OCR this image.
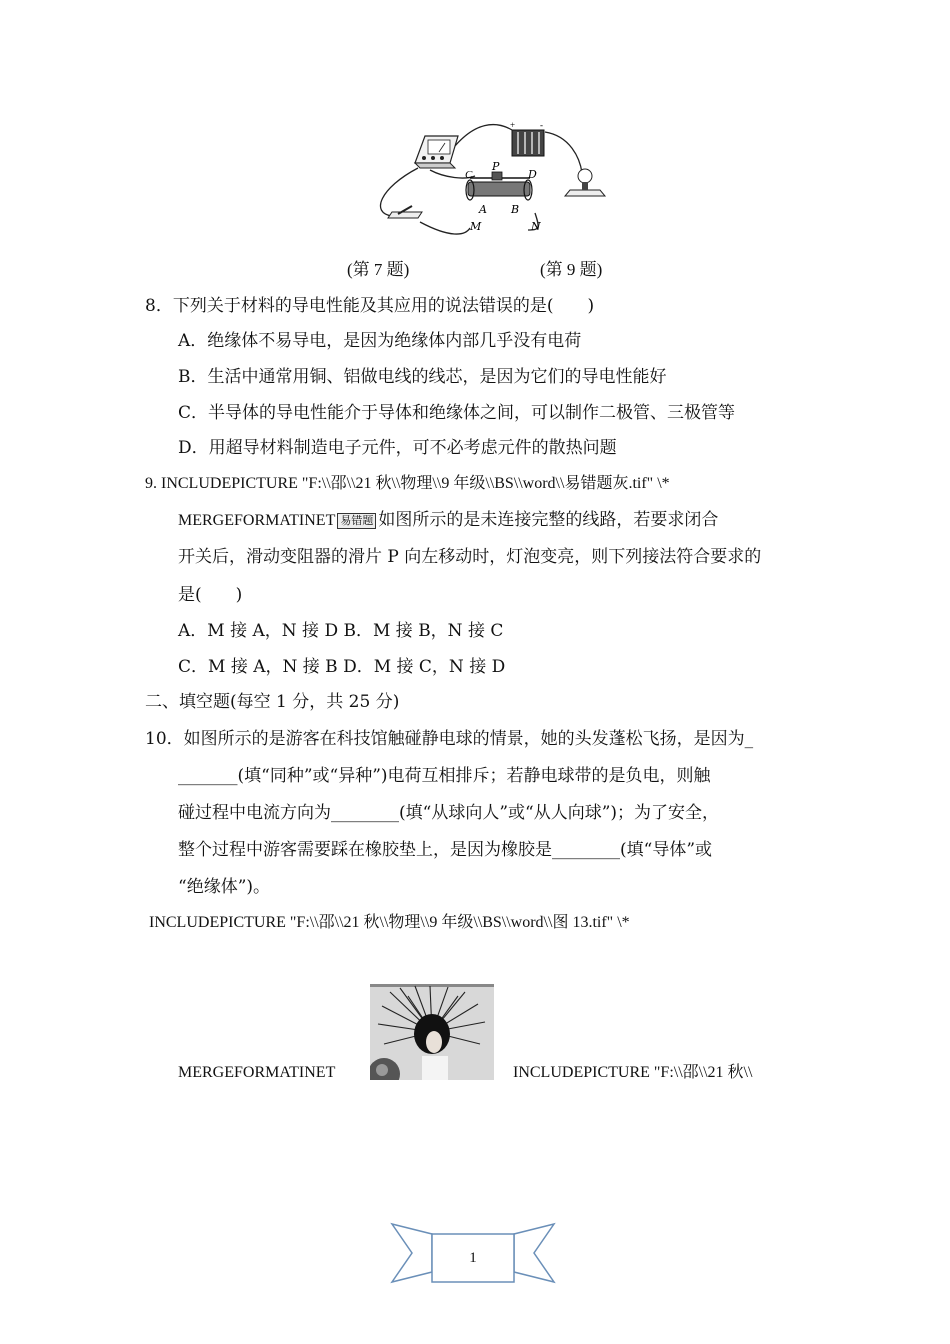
+	-
C
P
D
A B
M	N
(第 7 题)	(第 9 题)
8．下列关于材料的导电性能及其应用的说法错误的是(　　)
A．绝缘体不易导电，是因为绝缘体内部几乎没有电荷
B．生活中通常用铜、铝做电线的线芯，是因为它们的导电性能好
C．半导体的导电性能介于导体和绝缘体之间，可以制作二极管、三极管等
D．用超导材料制造电子元件，可不必考虑元件的散热问题
9. INCLUDEPICTURE "F:\\邵\\21 秋\\物理\\9 年级\\BS\\word\\易错题灰.tif" \*
MERGEFORMATINET 易错题 如图所示的是未连接完整的线路，若要求闭合
开关后，滑动变阻器的滑片 P 向左移动时，灯泡变亮，则下列接法符合要求的
是(　　)
A．M 接 A，N 接 D B．M 接 B，N 接 C
C．M 接 A，N 接 B D．M 接 C，N 接 D
二、填空题(每空 1 分，共 25 分)
10．如图所示的是游客在科技馆触碰静电球的情景，她的头发蓬松飞扬，是因为_
_______(填“同种”或“异种”)电荷互相排斥；若静电球带的是负电，则触
碰过程中电流方向为________(填“从球向人”或“从人向球”)；为了安全，
整个过程中游客需要踩在橡胶垫上，是因为橡胶是________(填“导体”或
“绝缘体”)。
INCLUDEPICTURE "F:\\邵\\21 秋\\物理\\9 年级\\BS\\word\\图 13.tif" \*
MERGEFORMATINET	INCLUDEPICTURE "F:\\邵\\21 秋\\
1
